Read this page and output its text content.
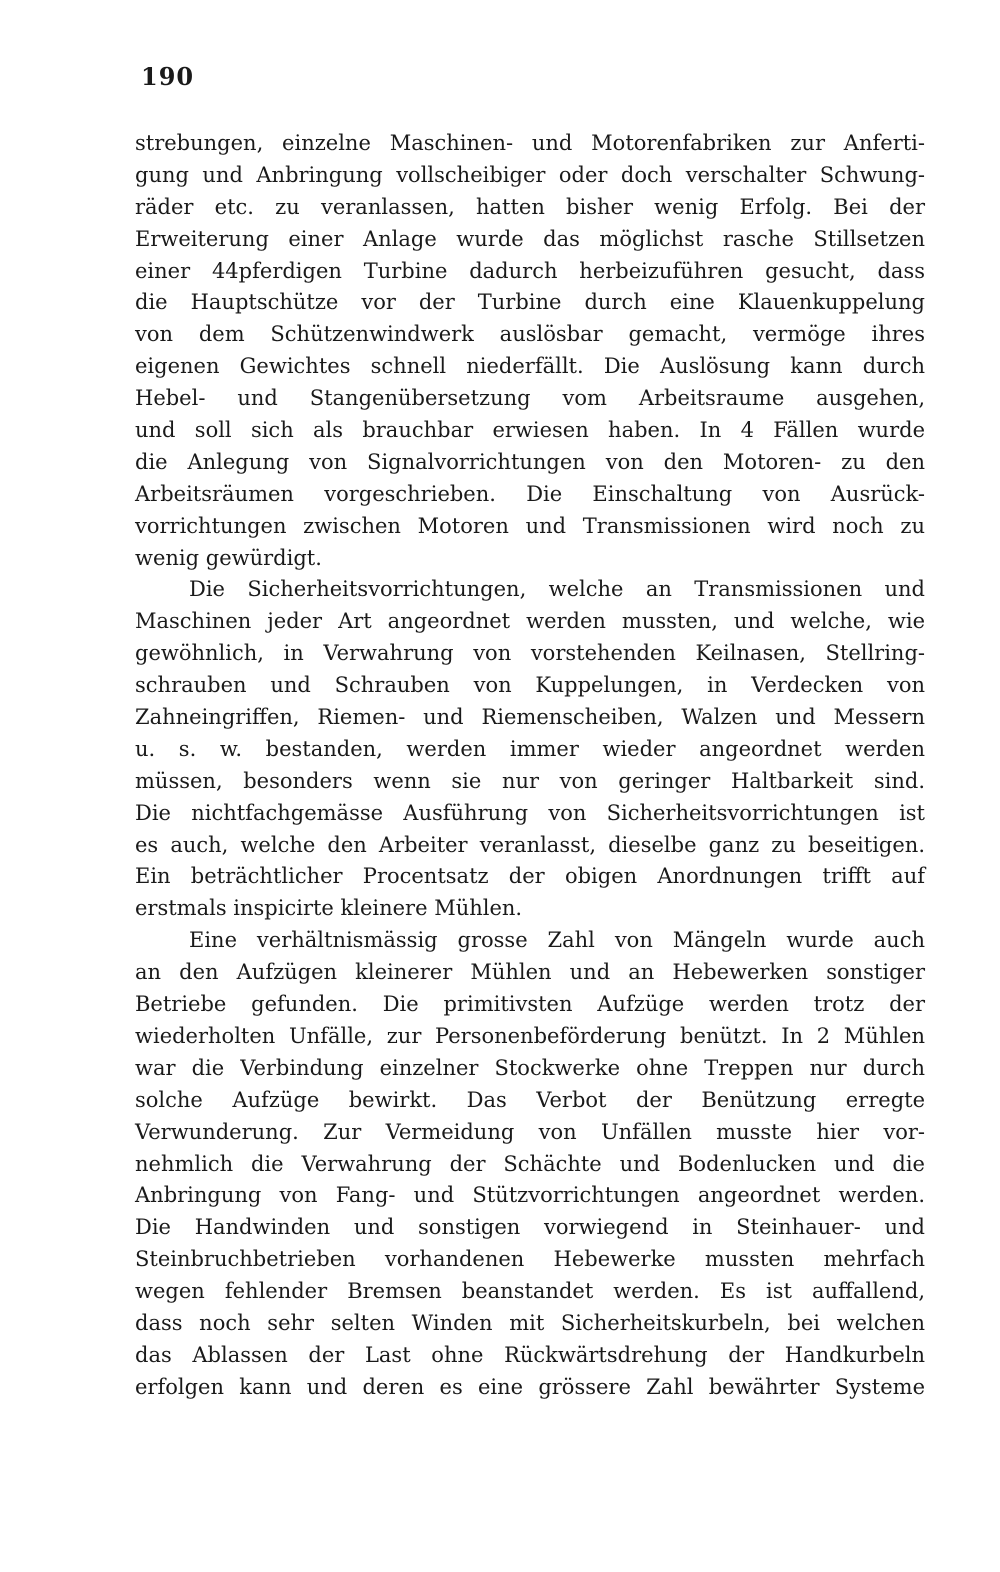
190
strebungen, einzelne Maschinen- und Motorenfabriken zur Anferti-
gung und Anbringung vollscheibiger oder doch verschalter Schwung-
räder etc. zu veranlassen, hatten bisher wenig Erfolg. Bei der
Erweiterung einer Anlage wurde das möglichst rasche Stillsetzen
einer 44pferdigen Turbine dadurch herbeizuführen gesucht, dass
die Hauptschütze vor der Turbine durch eine Klauenkuppelung
von dem Schützenwindwerk auslösbar gemacht, vermöge ihres
eigenen Gewichtes schnell niederfällt. Die Auslösung kann durch
Hebel- und Stangenübersetzung vom Arbeitsraume ausgehen,
und soll sich als brauchbar erwiesen haben. In 4 Fällen wurde
die Anlegung von Signalvorrichtungen von den Motoren- zu den
Arbeitsräumen vorgeschrieben. Die Einschaltung von Ausrück-
vorrichtungen zwischen Motoren und Transmissionen wird noch zu
wenig gewürdigt.
Die Sicherheitsvorrichtungen, welche an Transmissionen und
Maschinen jeder Art angeordnet werden mussten, und welche, wie
gewöhnlich, in Verwahrung von vorstehenden Keilnasen, Stellring-
schrauben und Schrauben von Kuppelungen, in Verdecken von
Zahneingriffen, Riemen- und Riemenscheiben, Walzen und Messern
u. s. w. bestanden, werden immer wieder angeordnet werden
müssen, besonders wenn sie nur von geringer Haltbarkeit sind.
Die nichtfachgemässe Ausführung von Sicherheitsvorrichtungen ist
es auch, welche den Arbeiter veranlasst, dieselbe ganz zu beseitigen.
Ein beträchtlicher Procentsatz der obigen Anordnungen trifft auf
erstmals inspicirte kleinere Mühlen.
Eine verhältnismässig grosse Zahl von Mängeln wurde auch
an den Aufzügen kleinerer Mühlen und an Hebewerken sonstiger
Betriebe gefunden. Die primitivsten Aufzüge werden trotz der
wiederholten Unfälle, zur Personenbeförderung benützt. In 2 Mühlen
war die Verbindung einzelner Stockwerke ohne Treppen nur durch
solche Aufzüge bewirkt. Das Verbot der Benützung erregte
Verwunderung. Zur Vermeidung von Unfällen musste hier vor-
nehmlich die Verwahrung der Schächte und Bodenlucken und die
Anbringung von Fang- und Stützvorrichtungen angeordnet werden.
Die Handwinden und sonstigen vorwiegend in Steinhauer- und
Steinbruchbetrieben vorhandenen Hebewerke mussten mehrfach
wegen fehlender Bremsen beanstandet werden. Es ist auffallend,
dass noch sehr selten Winden mit Sicherheitskurbeln, bei welchen
das Ablassen der Last ohne Rückwärtsdrehung der Handkurbeln
erfolgen kann und deren es eine grössere Zahl bewährter Systeme
